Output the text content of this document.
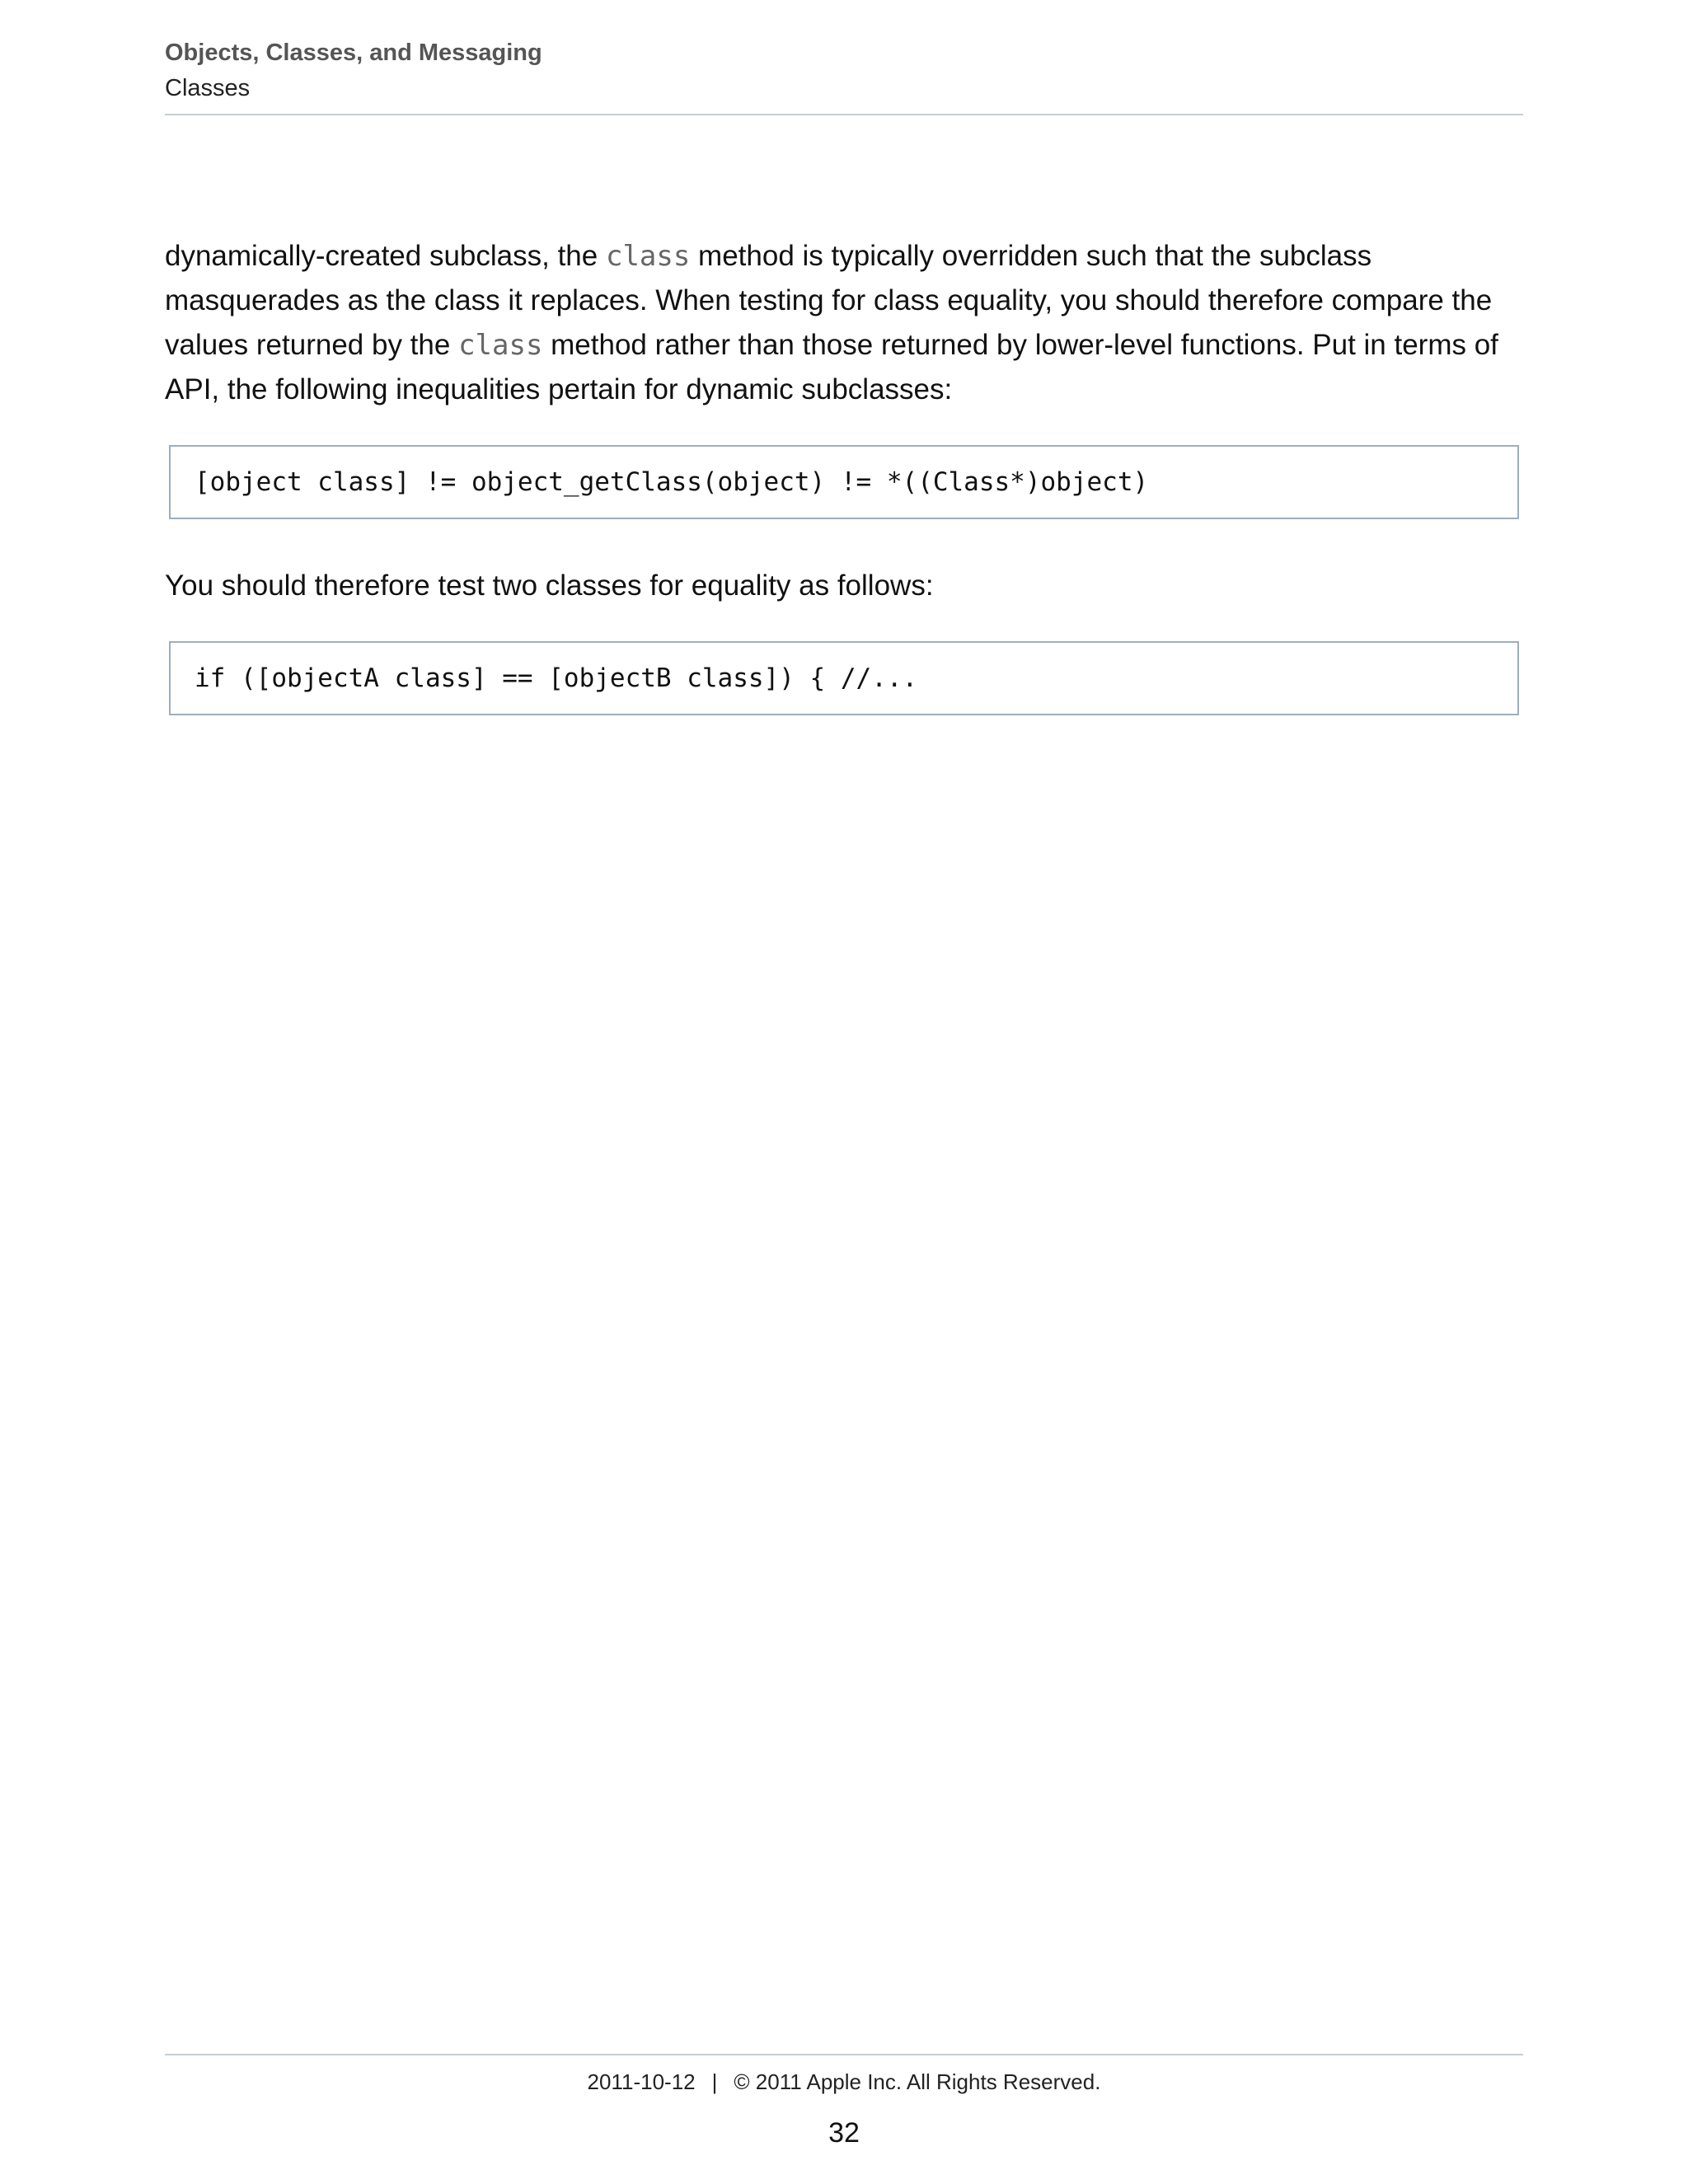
Objects, Classes, and Messaging
Classes

dynamically-created subclass, the class method is typically overridden such that the subclass masquerades as the class it replaces. When testing for class equality, you should therefore compare the values returned by the class method rather than those returned by lower-level functions. Put in terms of API, the following inequalities pertain for dynamic subclasses:

[object class] != object_getClass(object) != *((Class*)object)

You should therefore test two classes for equality as follows:

if ([objectA class] == [objectB class]) { //...
2011-10-12 | © 2011 Apple Inc. All Rights Reserved.
32
